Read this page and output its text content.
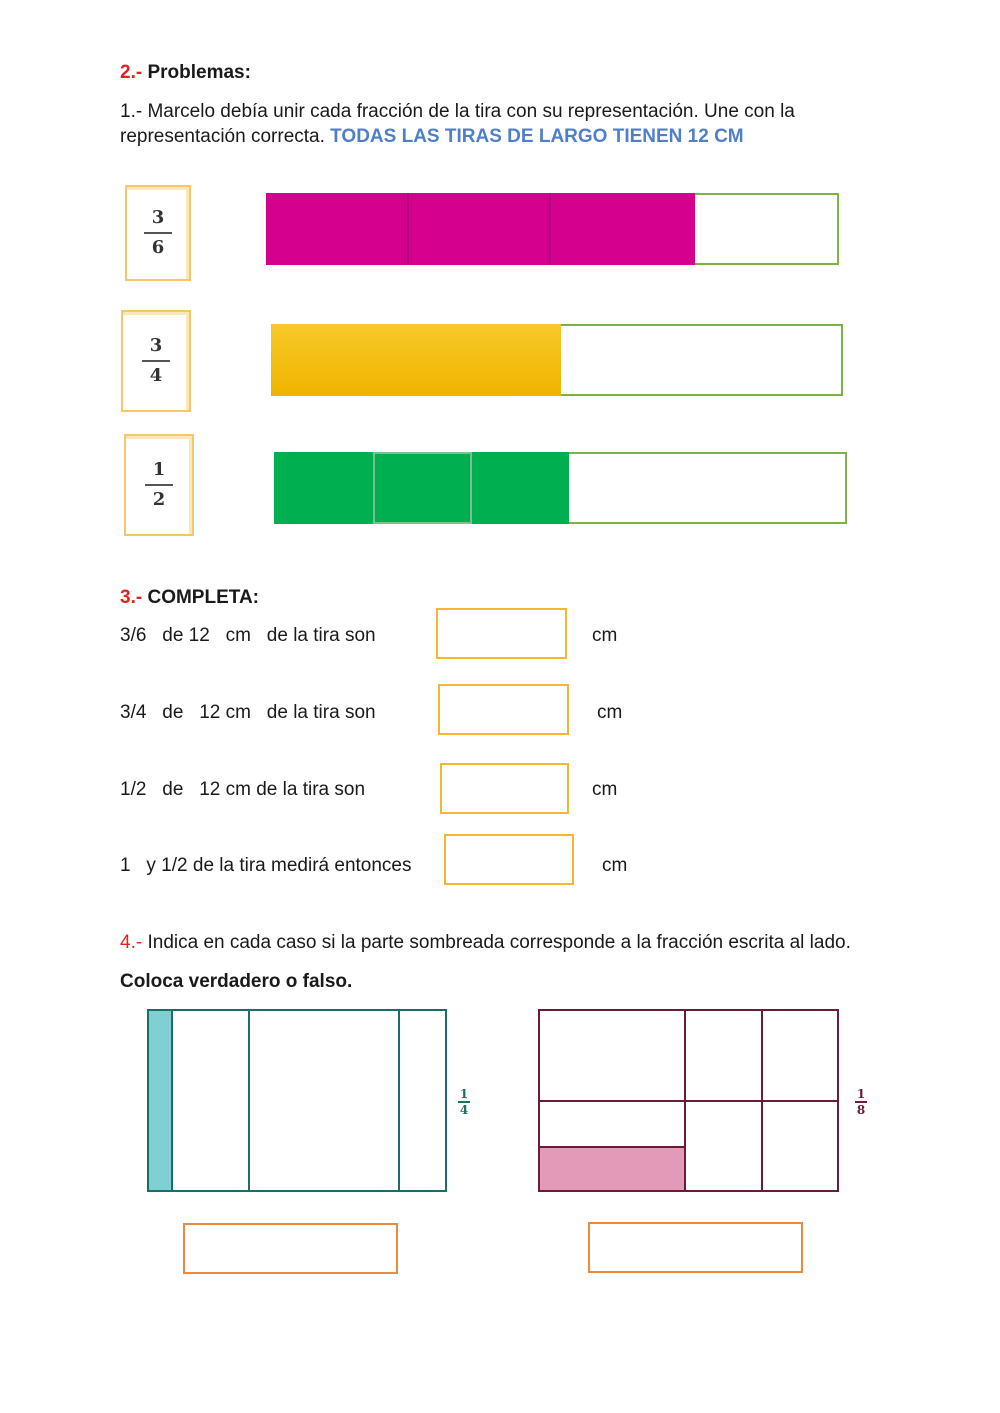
2.- Problemas:
1.- Marcelo debía unir cada fracción de la tira con su representación. Une con la representación correcta. TODAS LAS TIRAS DE LARGO TIENEN 12 CM
3
6
3
4
1
2
3.- COMPLETA:
3/6   de 12   cm   de la tira son	cm
3/4   de   12 cm   de la tira son	cm
1/2   de   12 cm de la tira son	cm
1   y 1/2 de la tira medirá entonces	cm
4.- Indica en cada caso si la parte sombreada corresponde a la fracción escrita al lado.
Coloca verdadero o falso.
1
4
1
8
